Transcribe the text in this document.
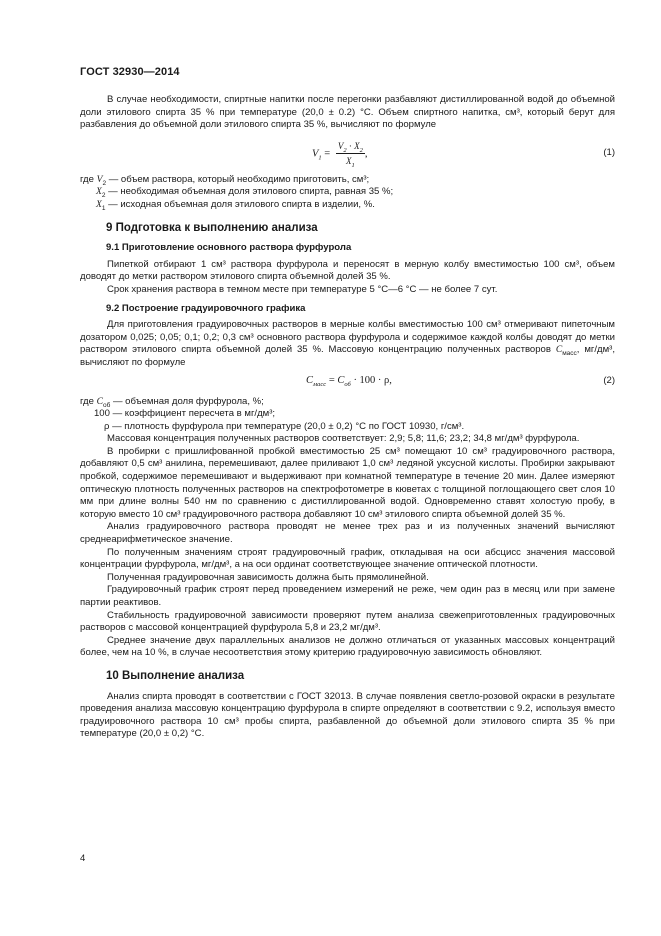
ГОСТ 32930—2014

В случае необходимости, спиртные напитки после перегонки разбавляют дистиллированной водой до объемной доли этилового спирта 35 % при температуре (20,0 ± 0.2) °С. Объем спиртного напитка, см³, который берут для разбавления до объемной доли этилового спирта 35 %, вычисляют по формуле

$V_1 = \frac{V_2 \cdot X_2}{X_1}$ ,	(1)

где $V_2$ — объем раствора, который необходимо приготовить, см³;

$X_2$ — необходимая объемная доля этилового спирта, равная 35 %;

$X_1$ — исходная объемная доля этилового спирта в изделии, %.

9 Подготовка к выполнению анализа
9.1 Приготовление основного раствора фурфурола

Пипеткой отбирают 1 см³ раствора фурфурола и переносят в мерную колбу вместимостью 100 см³, объем доводят до метки раствором этилового спирта объемной долей 35 %.

Срок хранения раствора в темном месте при температуре 5 °С—6 °С — не более 7 сут.

9.2 Построение градуировочного графика

Для приготовления градуировочных растворов в мерные колбы вместимостью 100 см³ отмеривают пипеточным дозатором 0,025; 0,05; 0,1; 0,2; 0,3 см³ основного раствора фурфурола и содержимое каждой колбы доводят до метки раствором этилового спирта объемной долей 35 %. Массовую концентрацию полученных растворов $С_{масс}$, мг/дм³, вычисляют по формуле

$С_{масс} = С_{об} \cdot 100 \cdot \rho$,	(2)

где $С_{об}$ — объемная доля фурфурола, %;

100 — коэффициент пересчета в мг/дм³;

ρ — плотность фурфурола при температуре (20,0 ± 0,2) °С по ГОСТ 10930, г/см³.

Массовая концентрация полученных растворов соответствует: 2,9; 5,8; 11,6; 23,2; 34,8 мг/дм³ фурфурола.

В пробирки с пришлифованной пробкой вместимостью 25 см³ помещают 10 см³ градуировочного раствора, добавляют 0,5 см³ анилина, перемешивают, далее приливают 1,0 см³ ледяной уксусной кислоты. Пробирки закрывают пробкой, содержимое перемешивают и выдерживают при комнатной температуре в течение 20 мин. Далее измеряют оптическую плотность полученных растворов на спектрофотометре в кюветах с толщиной поглощающего свет слоя 10 мм при длине волны 540 нм по сравнению с дистиллированной водой. Одновременно ставят холостую пробу, в которую вместо 10 см³ градуировочного раствора добавляют 10 см³ этилового спирта объемной долей 35 %.

Анализ градуировочного раствора проводят не менее трех раз и из полученных значений вычисляют среднеарифметическое значение.

По полученным значениям строят градуировочный график, откладывая на оси абсцисс значения массовой концентрации фурфурола, мг/дм³, а на оси ординат соответствующее значение оптической плотности.

Полученная градуировочная зависимость должна быть прямолинейной.

Градуировочный график строят перед проведением измерений не реже, чем один раз в месяц или при замене партии реактивов.

Стабильность градуировочной зависимости проверяют путем анализа свежеприготовленных градуировочных растворов с массовой концентрацией фурфурола 5,8 и 23,2 мг/дм³.

Среднее значение двух параллельных анализов не должно отличаться от указанных массовых концентраций более, чем на 10 %, в случае несоответствия этому критерию градуировочную зависимость обновляют.

10 Выполнение анализа

Анализ спирта проводят в соответствии с ГОСТ 32013. В случае появления светло-розовой окраски в результате проведения анализа массовую концентрацию фурфурола в спирте определяют в соответствии с 9.2, используя вместо градуировочного раствора 10 см³ пробы спирта, разбавленной до объемной доли этилового спирта 35 % при температуре (20,0 ± 0,2) °С.

4
